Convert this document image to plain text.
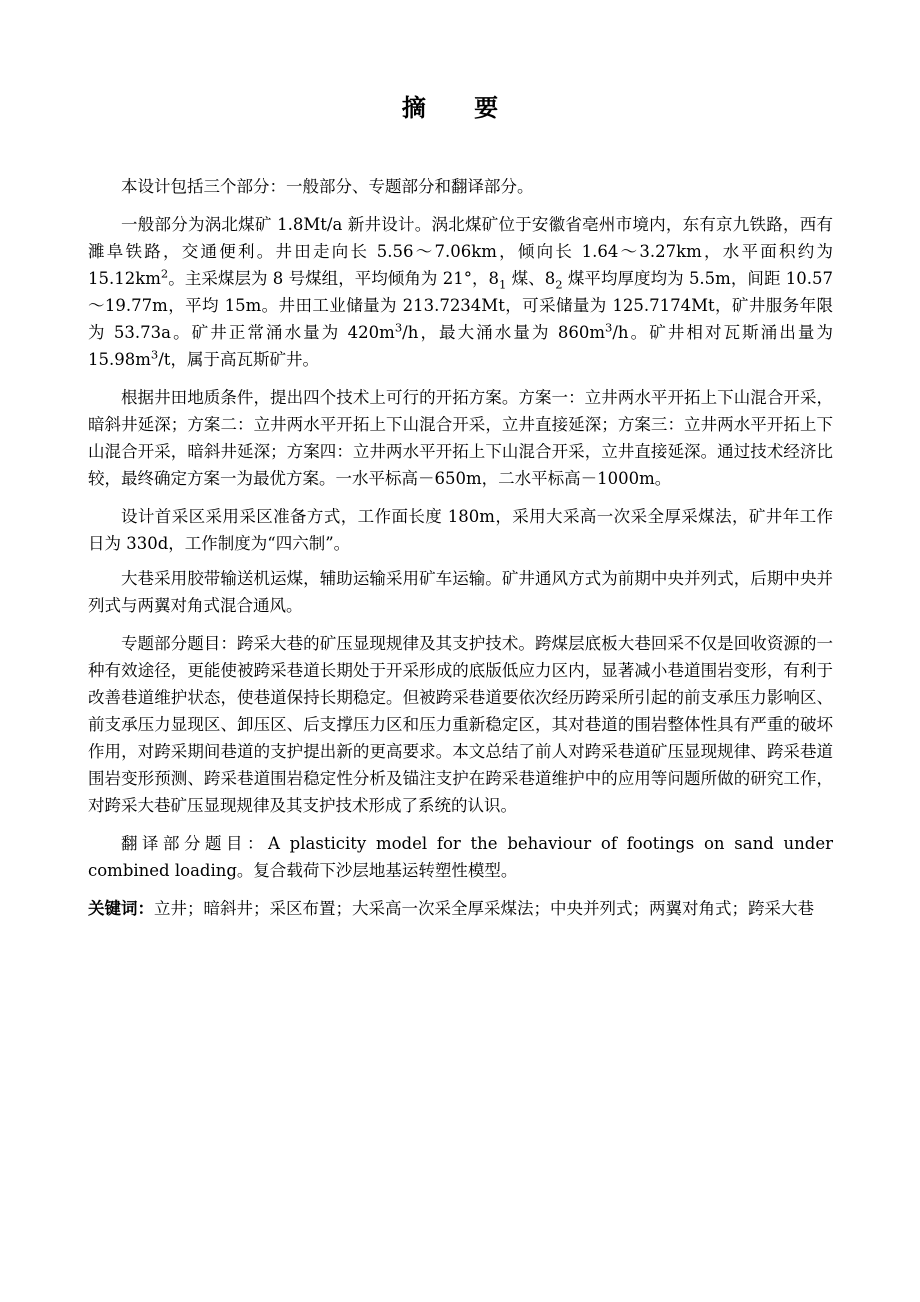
摘 要

本设计包括三个部分：一般部分、专题部分和翻译部分。

一般部分为涡北煤矿 1.8Mt/a 新井设计。涡北煤矿位于安徽省亳州市境内，东有京九铁路，西有濉阜铁路，交通便利。井田走向长 5.56～7.06km，倾向长 1.64～3.27km，水平面积约为 $15.12km^2$。主采煤层为 8 号煤组，平均倾角为 21°，$8_1$ 煤、$8_2$ 煤平均厚度均为 5.5m，间距 10.57～19.77m，平均 15m。井田工业储量为 213.7234Mt，可采储量为 125.7174Mt，矿井服务年限为 53.73a。矿井正常涌水量为 $420m^3/h$，最大涌水量为 $860m^3/h$。矿井相对瓦斯涌出量为 $15.98m^3/t$，属于高瓦斯矿井。

根据井田地质条件，提出四个技术上可行的开拓方案。方案一：立井两水平开拓上下山混合开采，暗斜井延深；方案二：立井两水平开拓上下山混合开采，立井直接延深；方案三：立井两水平开拓上下山混合开采，暗斜井延深；方案四：立井两水平开拓上下山混合开采，立井直接延深。通过技术经济比较，最终确定方案一为最优方案。一水平标高－650m，二水平标高－1000m。

设计首采区采用采区准备方式，工作面长度 180m，采用大采高一次采全厚采煤法，矿井年工作日为 330d，工作制度为“四六制”。

大巷采用胶带输送机运煤，辅助运输采用矿车运输。矿井通风方式为前期中央并列式，后期中央并列式与两翼对角式混合通风。

专题部分题目：跨采大巷的矿压显现规律及其支护技术。跨煤层底板大巷回采不仅是回收资源的一种有效途径，更能使被跨采巷道长期处于开采形成的底版低应力区内，显著减小巷道围岩变形，有利于改善巷道维护状态，使巷道保持长期稳定。但被跨采巷道要依次经历跨采所引起的前支承压力影响区、前支承压力显现区、卸压区、后支撑压力区和压力重新稳定区，其对巷道的围岩整体性具有严重的破坏作用，对跨采期间巷道的支护提出新的更高要求。本文总结了前人对跨采巷道矿压显现规律、跨采巷道围岩变形预测、跨采巷道围岩稳定性分析及锚注支护在跨采巷道维护中的应用等问题所做的研究工作，对跨采大巷矿压显现规律及其支护技术形成了系统的认识。

翻译部分题目：A plasticity model for the behaviour of footings on sand under combined loading。复合载荷下沙层地基运转塑性模型。

关键词：立井；暗斜井；采区布置；大采高一次采全厚采煤法；中央并列式；两翼对角式；跨采大巷
